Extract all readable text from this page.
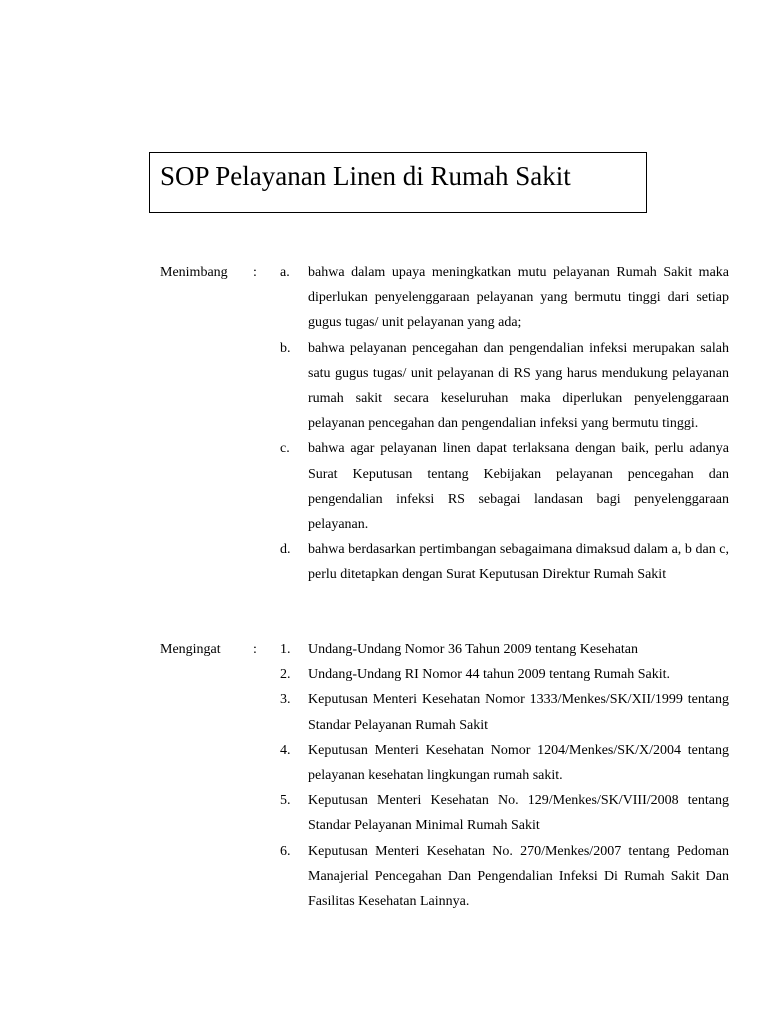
SOP Pelayanan Linen di Rumah Sakit
Menimbang : a. bahwa dalam upaya meningkatkan mutu pelayanan Rumah Sakit maka diperlukan penyelenggaraan pelayanan yang bermutu tinggi dari setiap gugus tugas/ unit pelayanan yang ada;
b. bahwa pelayanan pencegahan dan pengendalian infeksi merupakan salah satu gugus tugas/ unit pelayanan di RS yang harus mendukung pelayanan rumah sakit secara keseluruhan maka diperlukan penyelenggaraan pelayanan pencegahan dan pengendalian infeksi yang bermutu tinggi.
c. bahwa agar pelayanan linen dapat terlaksana dengan baik, perlu adanya Surat Keputusan tentang Kebijakan pelayanan pencegahan dan pengendalian infeksi RS sebagai landasan bagi penyelenggaraan pelayanan.
d. bahwa berdasarkan pertimbangan sebagaimana dimaksud dalam a, b dan c, perlu ditetapkan dengan Surat Keputusan Direktur Rumah Sakit
Mengingat : 1. Undang-Undang Nomor 36 Tahun 2009 tentang Kesehatan
2. Undang-Undang RI Nomor 44 tahun 2009 tentang Rumah Sakit.
3. Keputusan Menteri Kesehatan Nomor 1333/Menkes/SK/XII/1999 tentang Standar Pelayanan Rumah Sakit
4. Keputusan Menteri Kesehatan Nomor 1204/Menkes/SK/X/2004 tentang pelayanan kesehatan lingkungan rumah sakit.
5. Keputusan Menteri Kesehatan No. 129/Menkes/SK/VIII/2008 tentang Standar Pelayanan Minimal Rumah Sakit
6. Keputusan Menteri Kesehatan No. 270/Menkes/2007 tentang Pedoman Manajerial Pencegahan Dan Pengendalian Infeksi Di Rumah Sakit Dan Fasilitas Kesehatan Lainnya.
